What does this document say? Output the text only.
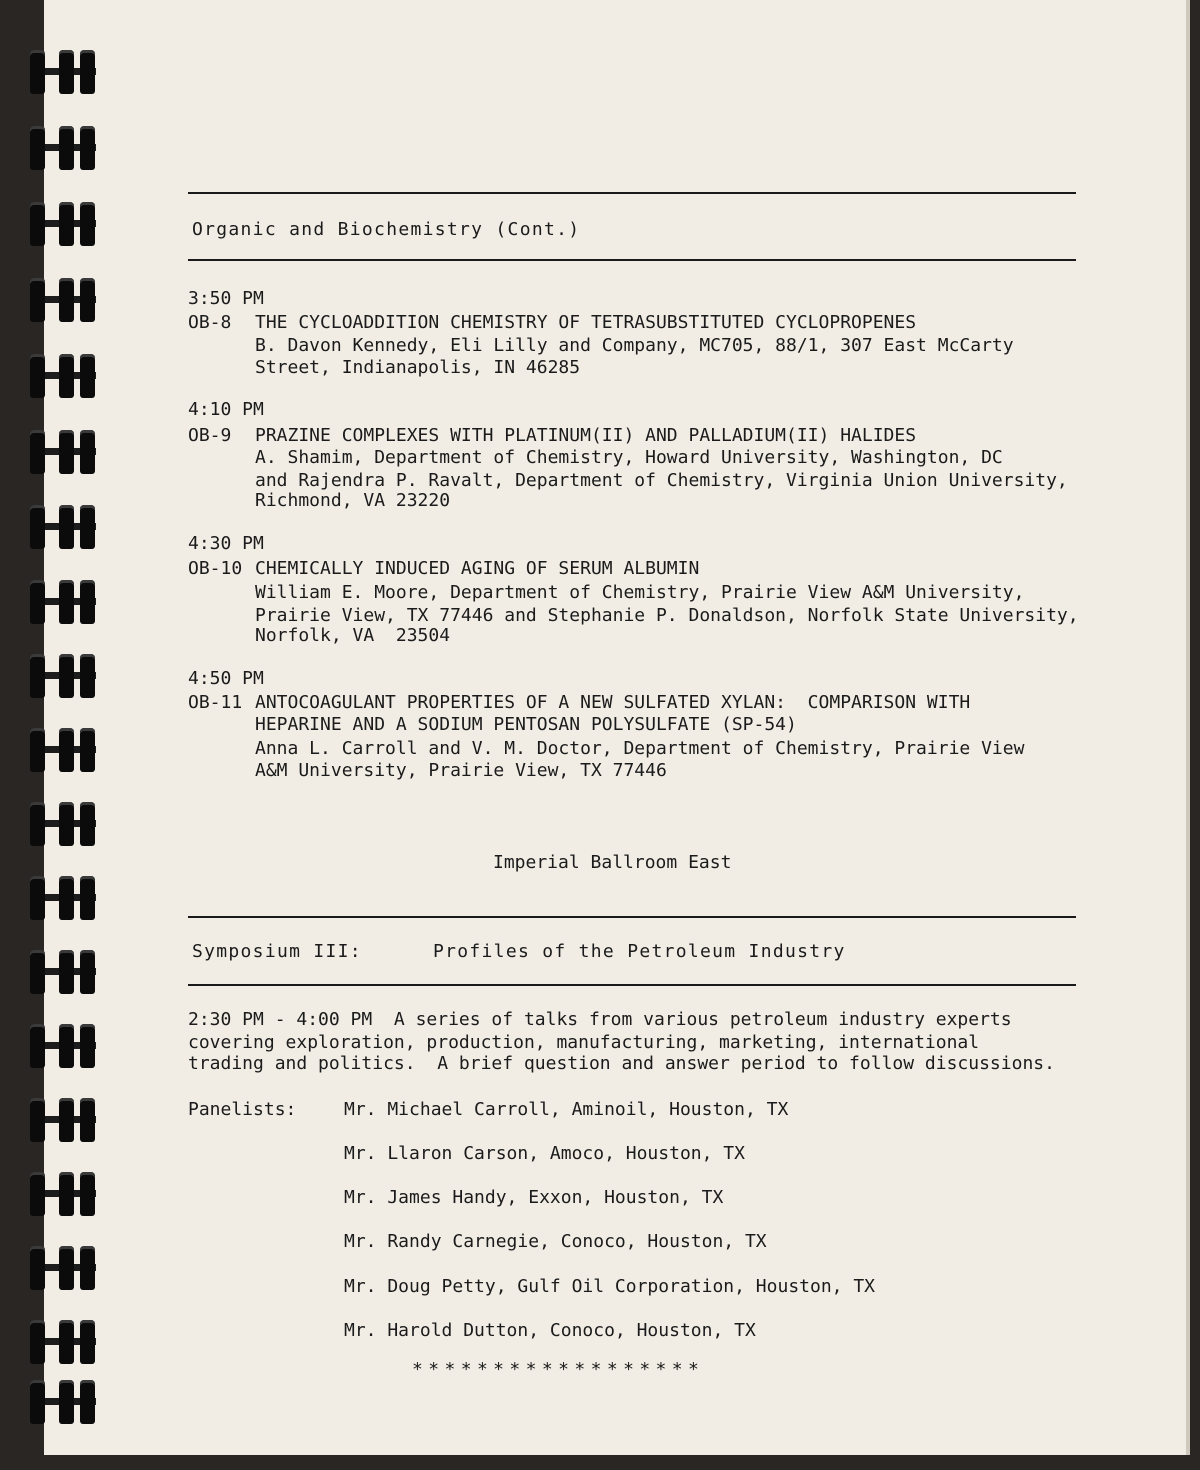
Organic and Biochemistry (Cont.)
3:50 PM
OB-8 THE CYCLOADDITION CHEMISTRY OF TETRASUBSTITUTED CYCLOPROPENES
B. Davon Kennedy, Eli Lilly and Company, MC705, 88/1, 307 East McCarty
Street, Indianapolis, IN 46285
4:10 PM
OB-9 PRAZINE COMPLEXES WITH PLATINUM(II) AND PALLADIUM(II) HALIDES
A. Shamim, Department of Chemistry, Howard University, Washington, DC
and Rajendra P. Ravalt, Department of Chemistry, Virginia Union University,
Richmond, VA 23220
4:30 PM
OB-10 CHEMICALLY INDUCED AGING OF SERUM ALBUMIN
William E. Moore, Department of Chemistry, Prairie View A&M University,
Prairie View, TX 77446 and Stephanie P. Donaldson, Norfolk State University,
Norfolk, VA  23504
4:50 PM
OB-11 ANTOCOAGULANT PROPERTIES OF A NEW SULFATED XYLAN:  COMPARISON WITH
HEPARINE AND A SODIUM PENTOSAN POLYSULFATE (SP-54)
Anna L. Carroll and V. M. Doctor, Department of Chemistry, Prairie View
A&M University, Prairie View, TX 77446
Imperial Ballroom East
Symposium III:	Profiles of the Petroleum Industry
2:30 PM - 4:00 PM  A series of talks from various petroleum industry experts
covering exploration, production, manufacturing, marketing, international
trading and politics.  A brief question and answer period to follow discussions.
Panelists:	Mr. Michael Carroll, Aminoil, Houston, TX
Mr. Llaron Carson, Amoco, Houston, TX
Mr. James Handy, Exxon, Houston, TX
Mr. Randy Carnegie, Conoco, Houston, TX
Mr. Doug Petty, Gulf Oil Corporation, Houston, TX
Mr. Harold Dutton, Conoco, Houston, TX
******************
